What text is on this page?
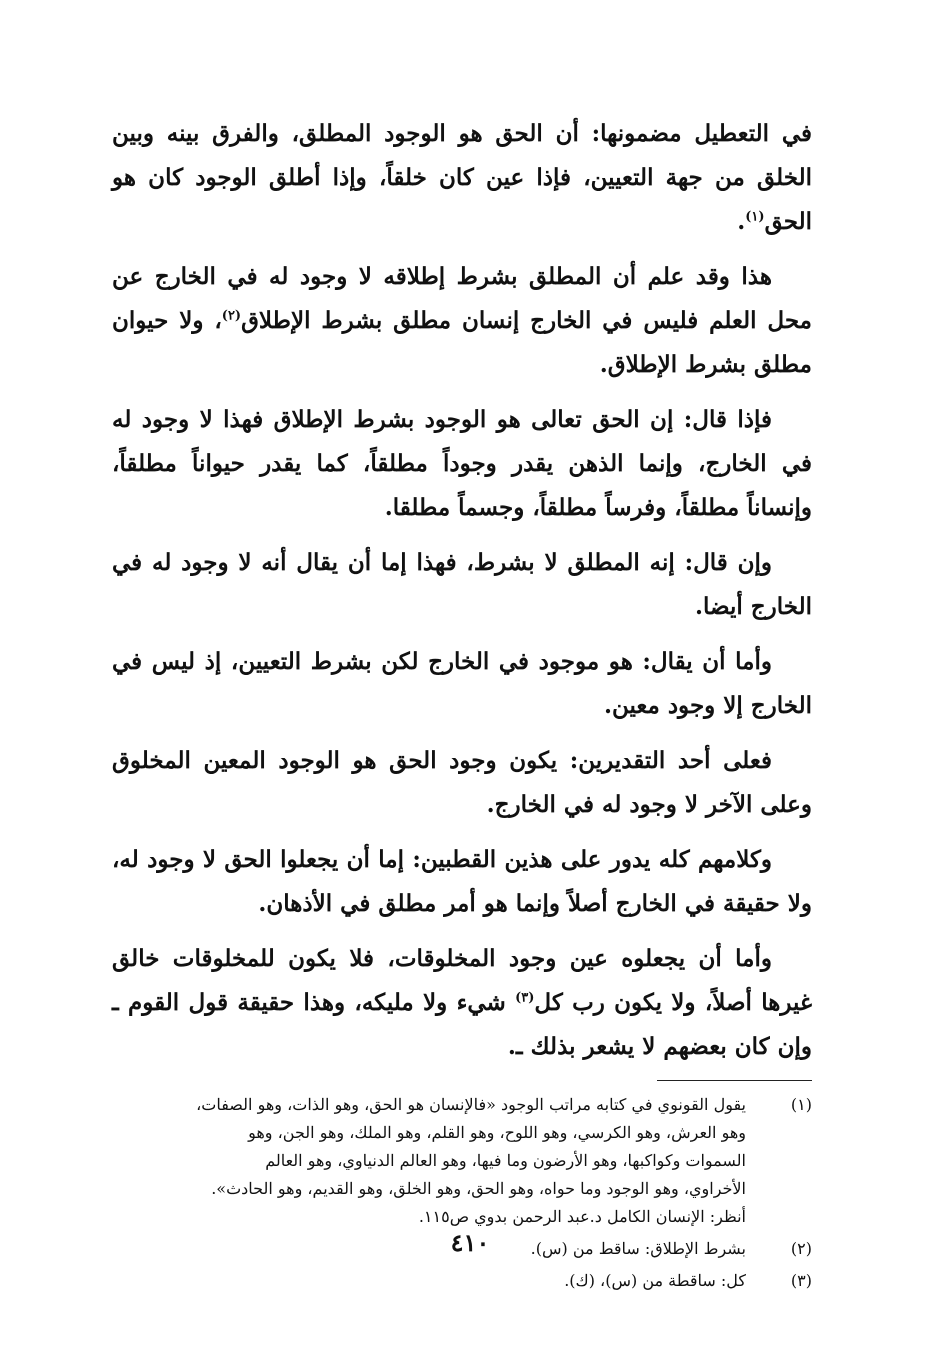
في التعطيل مضمونها: أن الحق هو الوجود المطلق، والفرق بينه وبين الخلق من جهة التعيين، فإذا عين كان خلقاً، وإذا أطلق الوجود كان هو الحق$^{(١)}$.

هذا وقد علم أن المطلق بشرط إطلاقه لا وجود له في الخارج عن محل العلم فليس في الخارج إنسان مطلق بشرط الإطلاق$^{(٢)}$، ولا حيوان مطلق بشرط الإطلاق.

فإذا قال: إن الحق تعالى هو الوجود بشرط الإطلاق فهذا لا وجود له في الخارج، وإنما الذهن يقدر وجوداً مطلقاً، كما يقدر حيواناً مطلقاً، وإنساناً مطلقاً، وفرساً مطلقاً، وجسماً مطلقا.

وإن قال: إنه المطلق لا بشرط، فهذا إما أن يقال أنه لا وجود له في الخارج أيضا.

وأما أن يقال: هو موجود في الخارج لكن بشرط التعيين، إذ ليس في الخارج إلا وجود معين.

فعلى أحد التقديرين: يكون وجود الحق هو الوجود المعين المخلوق وعلى الآخر لا وجود له في الخارج.

وكلامهم كله يدور على هذين القطبين: إما أن يجعلوا الحق لا وجود له، ولا حقيقة في الخارج أصلاً وإنما هو أمر مطلق في الأذهان.

وأما أن يجعلوه عين وجود المخلوقات، فلا يكون للمخلوقات خالق غيرها أصلاً، ولا يكون رب كل$^{(٣)}$ شيء ولا مليكه، وهذا حقيقة قول القوم ـ وإن كان بعضهم لا يشعر بذلك ـ.

(١)
يقول القونوي في كتابه مراتب الوجود «فالإنسان هو الحق، وهو الذات، وهو الصفات،
وهو العرش، وهو الكرسي، وهو اللوح، وهو القلم، وهو الملك، وهو الجن، وهو
السموات وكواكبها، وهو الأرضون وما فيها، وهو العالم الدنياوي، وهو العالم
الأخراوي، وهو الوجود وما حواه، وهو الحق، وهو الخلق، وهو القديم، وهو الحادث».
أنظر: الإنسان الكامل د.عبد الرحمن بدوي ص١١٥.
(٢)
بشرط الإطلاق: ساقط من (س).
(٣)
كل: ساقطة من (س)، (ك).
٤١٠
